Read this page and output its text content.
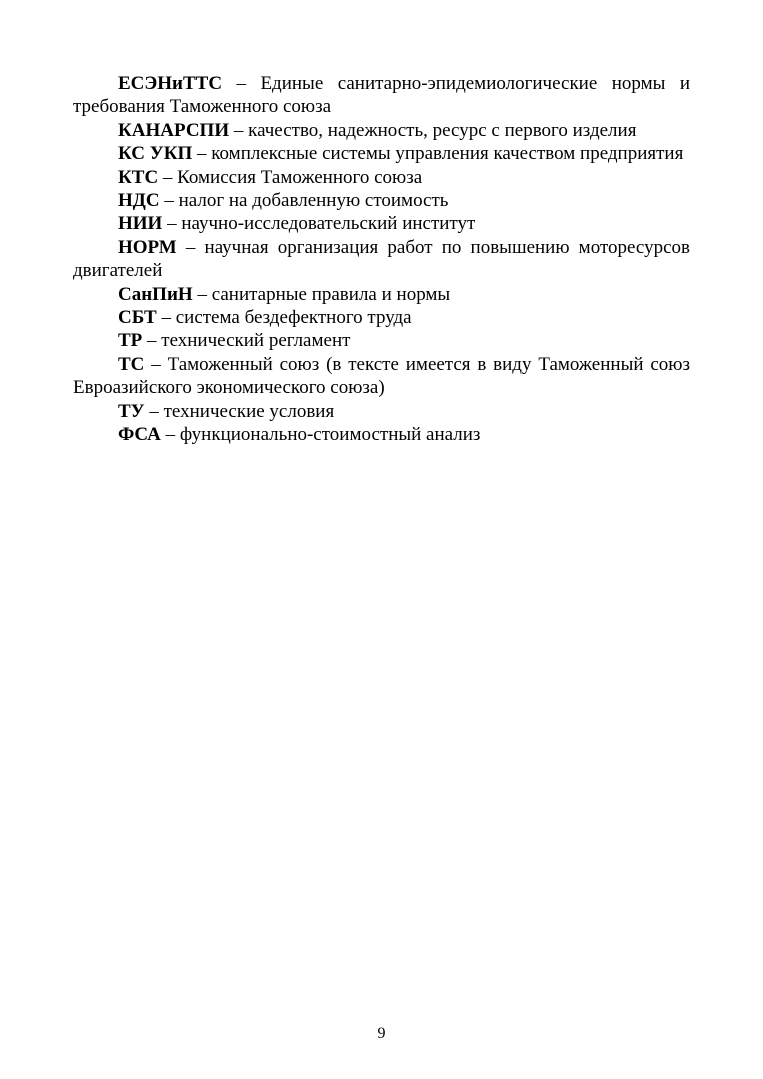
ЕСЭНиТТС – Единые санитарно-эпидемиологические нормы и требования Таможенного союза

КАНАРСПИ – качество, надежность, ресурс с первого изделия

КС УКП – комплексные системы управления качеством предприятия

КТС – Комиссия Таможенного союза

НДС – налог на добавленную стоимость

НИИ – научно-исследовательский институт

НОРМ – научная организация работ по повышению моторесурсов двигателей

СанПиН – санитарные правила и нормы

СБТ – система бездефектного труда

ТР – технический регламент

ТС – Таможенный союз (в тексте имеется в виду Таможенный союз Евроазийского экономического союза)

ТУ – технические условия

ФСА – функционально-стоимостный анализ

9
